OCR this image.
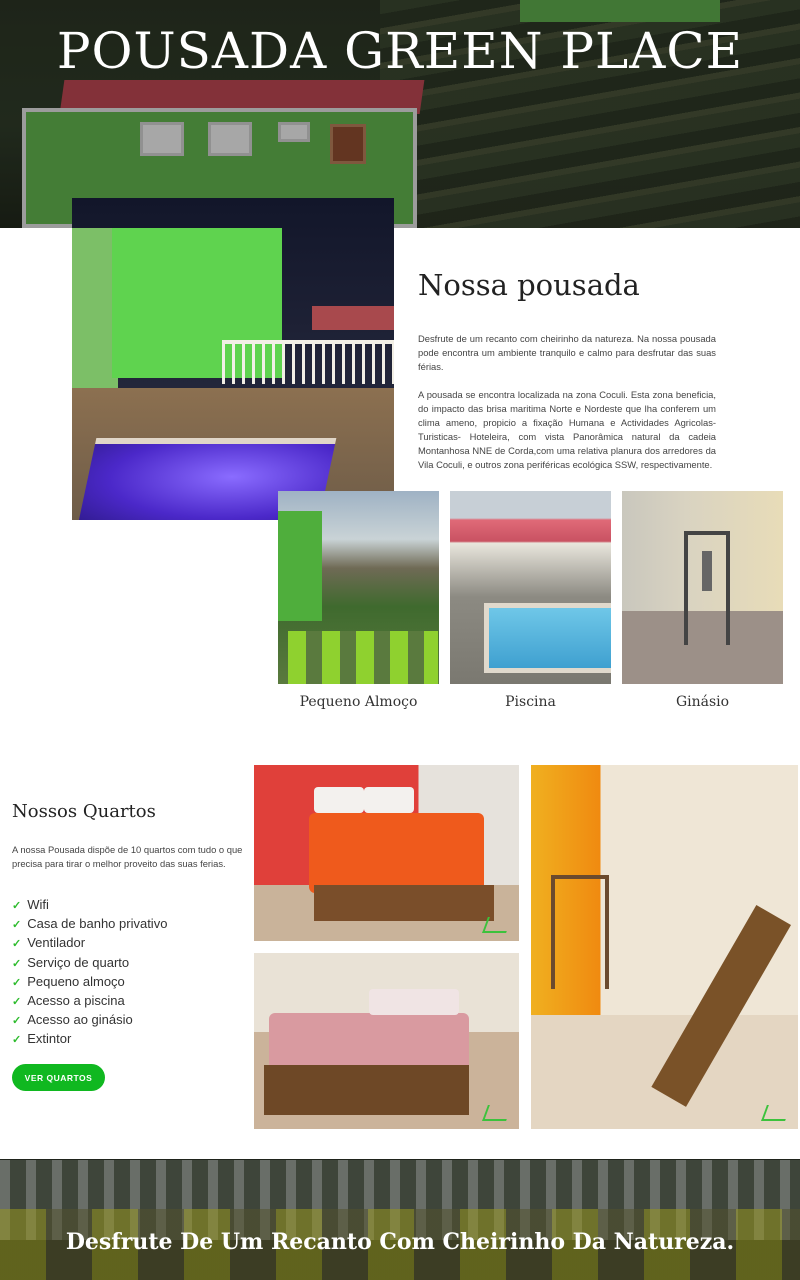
POUSADA GREEN PLACE
Nossa pousada

Desfrute de um recanto com cheirinho da natureza. Na nossa pousada pode encontra um ambiente tranquilo e calmo para desfrutar das suas férias.

A pousada se encontra localizada na zona Coculi. Esta zona beneficia, do impacto das brisa maritima Norte e Nordeste que lha conferem um clima ameno, propicio a fixação Humana e Actividades Agricolas-Turisticas- Hoteleira, com vista Panorâmica natural da cadeia Montanhosa NNE de Corda,com uma relativa planura dos arredores da Vila Coculi, e outros zona periféricas ecológica SSW, respectivamente.

Pequeno Almoço	Piscina	Ginásio
Nossos Quartos

A nossa Pousada dispõe de 10 quartos com tudo o que precisa para tirar o melhor proveito das suas ferias.

✓ Wifi
✓ Casa de banho privativo
✓ Ventilador
✓ Serviço de quarto
✓ Pequeno almoço
✓ Acesso a piscina
✓ Acesso ao ginásio
✓ Extintor
VER QUARTOS

Desfrute De Um Recanto Com Cheirinho Da Natureza.
